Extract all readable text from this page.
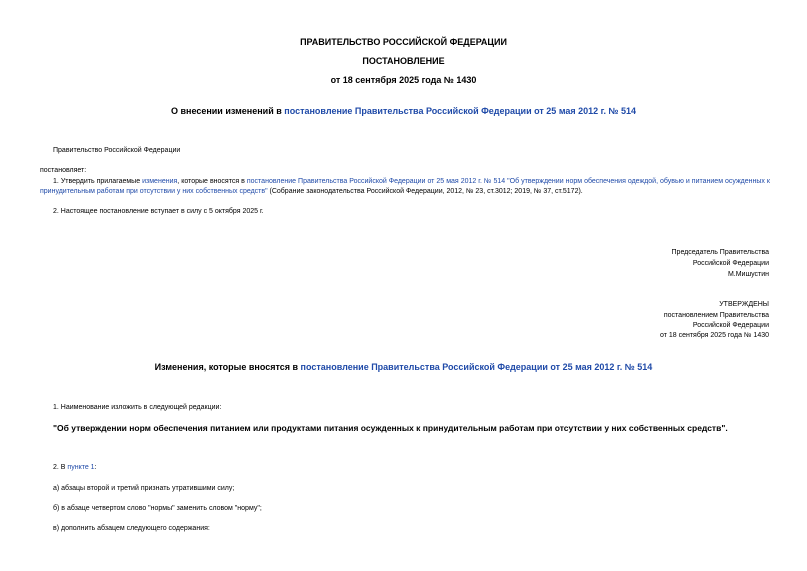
ПРАВИТЕЛЬСТВО РОССИЙСКОЙ ФЕДЕРАЦИИ

ПОСТАНОВЛЕНИЕ

от 18 сентября 2025 года № 1430

О внесении изменений в постановление Правительства Российской Федерации от 25 мая 2012 г. № 514

Правительство Российской Федерации

постановляет:

1. Утвердить прилагаемые изменения, которые вносятся в постановление Правительства Российской Федерации от 25 мая 2012 г. № 514 "Об утверждении норм обеспечения одеждой, обувью и питанием осужденных к принудительным работам при отсутствии у них собственных средств" (Собрание законодательства Российской Федерации, 2012, № 23, ст.3012; 2019, № 37, ст.5172).

2. Настоящее постановление вступает в силу с 5 октября 2025 г.

Председатель Правительства

Российской Федерации

М.Мишустин

УТВЕРЖДЕНЫ

постановлением Правительства

Российской Федерации

от 18 сентября 2025 года № 1430

Изменения, которые вносятся в постановление Правительства Российской Федерации от 25 мая 2012 г. № 514

1. Наименование изложить в следующей редакции:

"Об утверждении норм обеспечения питанием или продуктами питания осужденных к принудительным работам при отсутствии у них собственных средств".

2. В пункте 1:

а) абзацы второй и третий признать утратившими силу;

б) в абзаце четвертом слово "нормы" заменить словом "норму";

в) дополнить абзацем следующего содержания:
